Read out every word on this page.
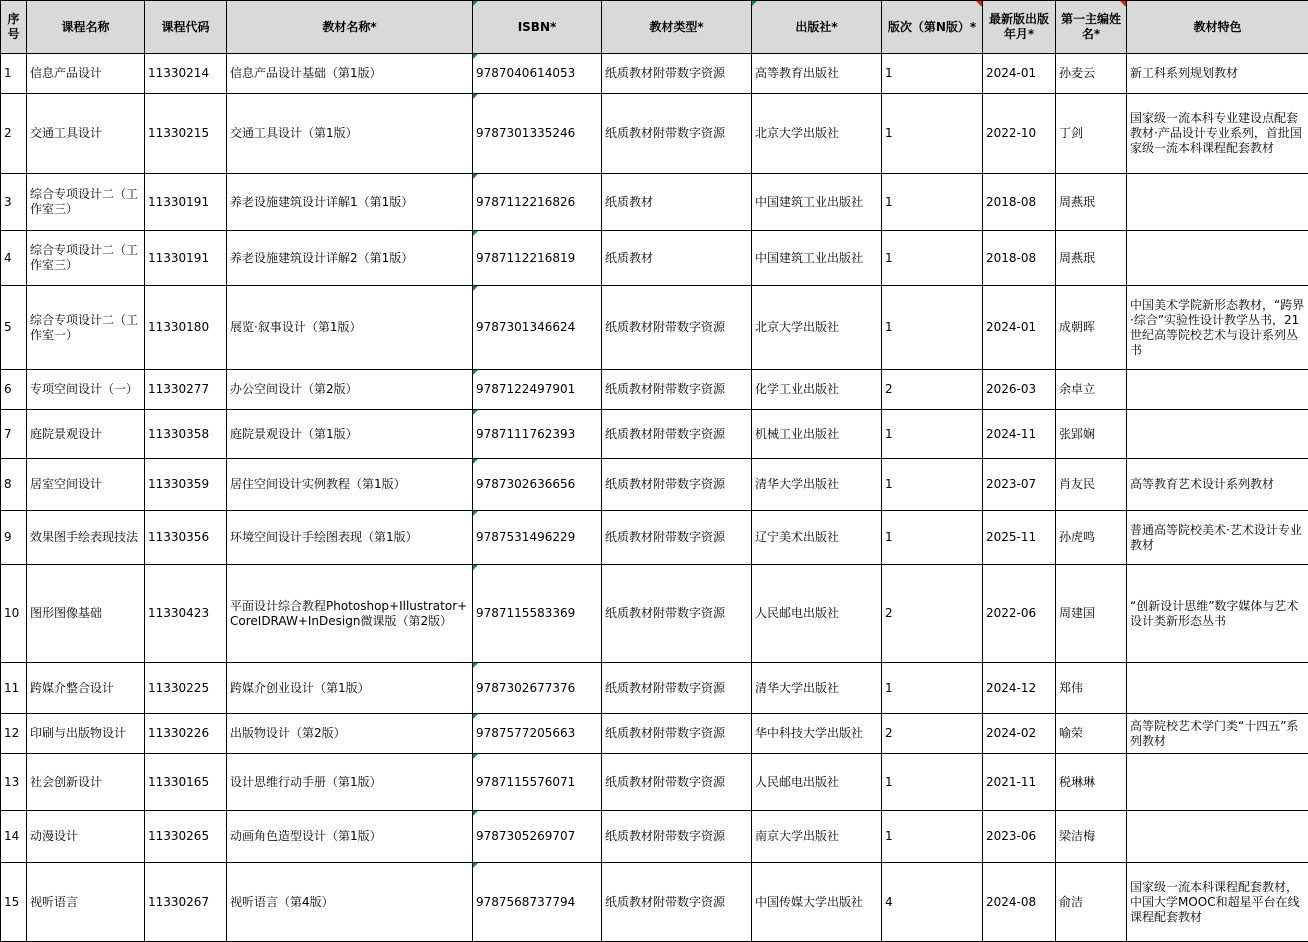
序号	课程名称	课程代码	教材名称*	ISBN*	教材类型*	出版社*	版次（第N版）*	最新版出版年月*	第一主编姓名*	教材特色
1	信息产品设计	11330214	信息产品设计基础（第1版）	9787040614053	纸质教材附带数字资源	高等教育出版社	1	2024-01	孙麦云	新工科系列规划教材
2	交通工具设计	11330215	交通工具设计（第1版）	9787301335246	纸质教材附带数字资源	北京大学出版社	1	2022-10	丁剑	国家级一流本科专业建设点配套教材·产品设计专业系列，首批国家级一流本科课程配套教材
3	综合专项设计二（工作室三）	11330191	养老设施建筑设计详解1（第1版）	9787112216826	纸质教材	中国建筑工业出版社	1	2018-08	周燕珉	
4	综合专项设计二（工作室三）	11330191	养老设施建筑设计详解2（第1版）	9787112216819	纸质教材	中国建筑工业出版社	1	2018-08	周燕珉	
5	综合专项设计二（工作室一）	11330180	展览·叙事设计（第1版）	9787301346624	纸质教材附带数字资源	北京大学出版社	1	2024-01	成朝晖	中国美术学院新形态教材，“跨界·综合”实验性设计教学丛书，21世纪高等院校艺术与设计系列丛书
6	专项空间设计（一）	11330277	办公空间设计（第2版）	9787122497901	纸质教材附带数字资源	化学工业出版社	2	2026-03	余卓立	
7	庭院景观设计	11330358	庭院景观设计（第1版）	9787111762393	纸质教材附带数字资源	机械工业出版社	1	2024-11	张郢娴	
8	居室空间设计	11330359	居住空间设计实例教程（第1版）	9787302636656	纸质教材附带数字资源	清华大学出版社	1	2023-07	肖友民	高等教育艺术设计系列教材
9	效果图手绘表现技法	11330356	环境空间设计手绘图表现（第1版）	9787531496229	纸质教材附带数字资源	辽宁美术出版社	1	2025-11	孙虎鸣	普通高等院校美术·艺术设计专业教材
10	图形图像基础	11330423	平面设计综合教程Photoshop+Illustrator+CoreIDRAW+InDesign微课版（第2版）	9787115583369	纸质教材附带数字资源	人民邮电出版社	2	2022-06	周建国	“创新设计思维”数字媒体与艺术设计类新形态丛书
11	跨媒介整合设计	11330225	跨媒介创业设计（第1版）	9787302677376	纸质教材附带数字资源	清华大学出版社	1	2024-12	郑伟	
12	印刷与出版物设计	11330226	出版物设计（第2版）	9787577205663	纸质教材附带数字资源	华中科技大学出版社	2	2024-02	喻荣	高等院校艺术学门类“十四五”系列教材
13	社会创新设计	11330165	设计思维行动手册（第1版）	9787115576071	纸质教材附带数字资源	人民邮电出版社	1	2021-11	税琳琳	
14	动漫设计	11330265	动画角色造型设计（第1版）	9787305269707	纸质教材附带数字资源	南京大学出版社	1	2023-06	梁洁梅	
15	视听语言	11330267	视听语言（第4版）	9787568737794	纸质教材附带数字资源	中国传媒大学出版社	4	2024-08	俞洁	国家级一流本科课程配套教材，中国大学MOOC和超星平台在线课程配套教材
